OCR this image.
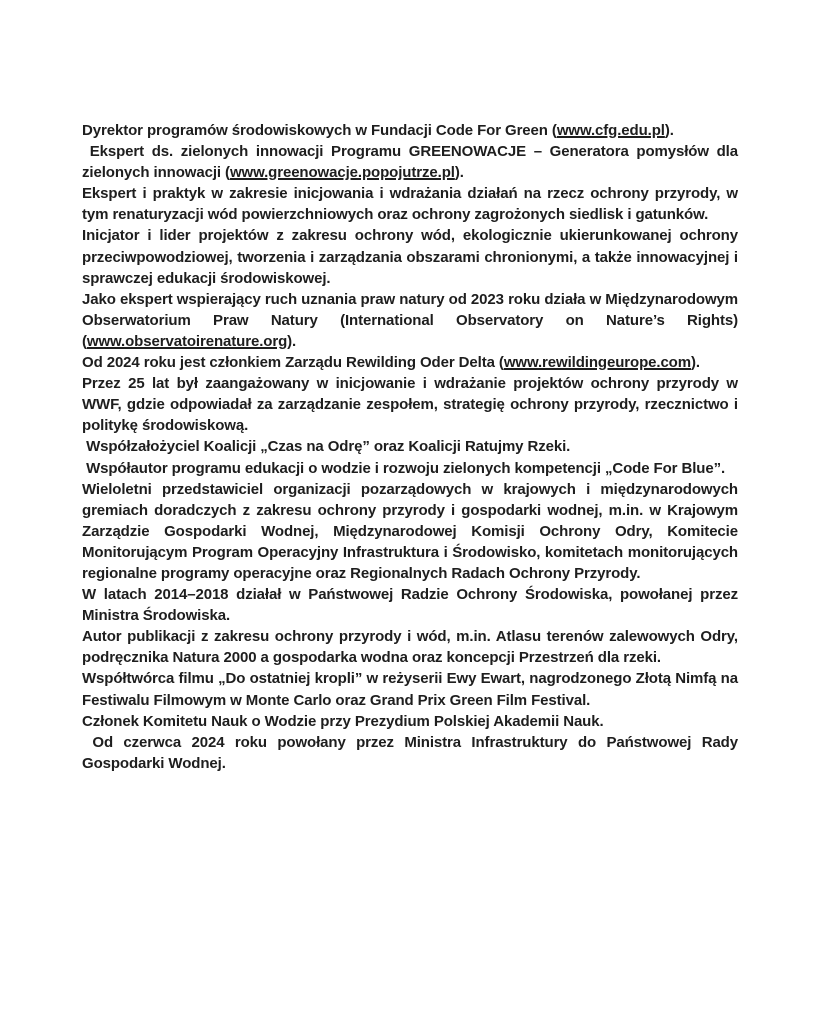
Dyrektor programów środowiskowych w Fundacji Code For Green (www.cfg.edu.pl).

Ekspert ds. zielonych innowacji Programu GREENOWACJE – Generatora pomysłów dla zielonych innowacji (www.greenowacje.popojutrze.pl).

Ekspert i praktyk w zakresie inicjowania i wdrażania działań na rzecz ochrony przyrody, w tym renaturyzacji wód powierzchniowych oraz ochrony zagrożonych siedlisk i gatunków.

Inicjator i lider projektów z zakresu ochrony wód, ekologicznie ukierunkowanej ochrony przeciwpowodziowej, tworzenia i zarządzania obszarami chronionymi, a także innowacyjnej i sprawczej edukacji środowiskowej.

Jako ekspert wspierający ruch uznania praw natury od 2023 roku działa w Międzynarodowym Obserwatorium Praw Natury (International Observatory on Nature’s Rights) (www.observatoirenature.org).

Od 2024 roku jest członkiem Zarządu Rewilding Oder Delta (www.rewildingeurope.com).

Przez 25 lat był zaangażowany w inicjowanie i wdrażanie projektów ochrony przyrody w WWF, gdzie odpowiadał za zarządzanie zespołem, strategię ochrony przyrody, rzecznictwo i politykę środowiskową.

Współzałożyciel Koalicji „Czas na Odrę” oraz Koalicji Ratujmy Rzeki.

Współautor programu edukacji o wodzie i rozwoju zielonych kompetencji „Code For Blue”.

Wieloletni przedstawiciel organizacji pozarządowych w krajowych i międzynarodowych gremiach doradczych z zakresu ochrony przyrody i gospodarki wodnej, m.in. w Krajowym Zarządzie Gospodarki Wodnej, Międzynarodowej Komisji Ochrony Odry, Komitecie Monitorującym Program Operacyjny Infrastruktura i Środowisko, komitetach monitorujących regionalne programy operacyjne oraz Regionalnych Radach Ochrony Przyrody.

W latach 2014–2018 działał w Państwowej Radzie Ochrony Środowiska, powołanej przez Ministra Środowiska.

Autor publikacji z zakresu ochrony przyrody i wód, m.in. Atlasu terenów zalewowych Odry, podręcznika Natura 2000 a gospodarka wodna oraz koncepcji Przestrzeń dla rzeki.

Współtwórca filmu „Do ostatniej kropli” w reżyserii Ewy Ewart, nagrodzonego Złotą Nimfą na Festiwalu Filmowym w Monte Carlo oraz Grand Prix Green Film Festival.

Członek Komitetu Nauk o Wodzie przy Prezydium Polskiej Akademii Nauk.

Od czerwca 2024 roku powołany przez Ministra Infrastruktury do Państwowej Rady Gospodarki Wodnej.
